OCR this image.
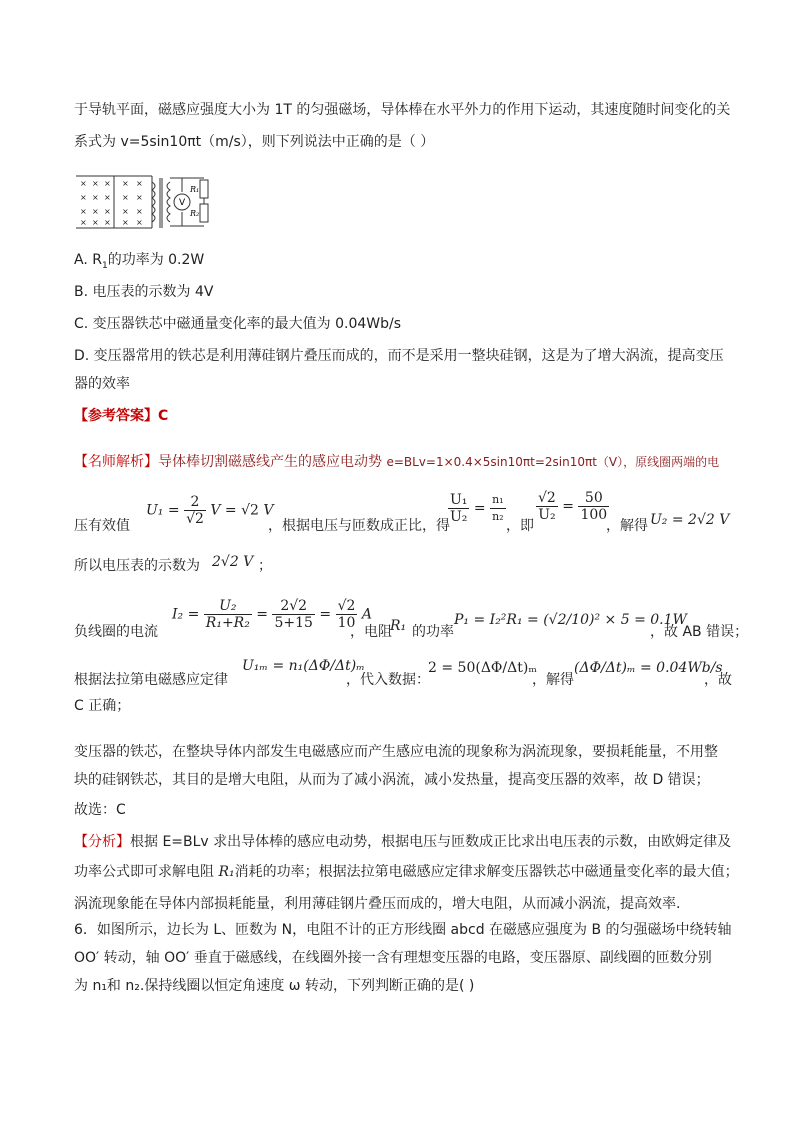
于导轨平面，磁感应强度大小为 1T 的匀强磁场，导体棒在水平外力的作用下运动，其速度随时间变化的关
系式为 v=5sin10πt（m/s），则下列说法中正确的是（ ）
× × × × ×
× × × × ×
× × × × ×
× × × × ×
V
R₁
R₂
A. $R_1$的功率为 0.2W
B. 电压表的示数为 4V
C. 变压器铁芯中磁通量变化率的最大值为 0.04Wb/s
D. 变压器常用的铁芯是利用薄硅钢片叠压而成的，而不是采用一整块硅钢，这是为了增大涡流，提高变压
器的效率
【参考答案】C
【名师解析】导体棒切割磁感线产生的感应电动势 e=BLv=1×0.4×5sin10πt=2sin10πt（V），原线圈两端的电
$U_1 = \frac{2}{√2}$ V = √2 V
压有效值	，根据电压与匝数成正比，得
$\frac{\text{U₁}}{\text{U₂}} = \frac{\text{n₁}}{\text{n₂}}$
，即
$\frac{√2}{\text{U₂}} = \frac{50}{100}$
，解得 U₂ = 2√2 V
所以电压表的示数为 2√2 V ；
负线圈的电流
$I_2 = \frac{\text{U₂}}{\text{R₁+R₂}} = \frac{2√2}{5+15} = \frac{√2}{10}$ A
，电阻
R₁ 的功率
P₁ = I₂²R₁ = (√2/10)² × 5 = 0.1W
，故 AB 错误；
根据法拉第电磁感应定律
U₁ₘ = n₁(ΔΦ/Δt)ₘ
，代入数据：
2 = 50(ΔΦ/Δt)ₘ
，解得
(ΔΦ/Δt)ₘ = 0.04Wb/s
，故
C 正确；
变压器的铁芯，在整块导体内部发生电磁感应而产生感应电流的现象称为涡流现象，要损耗能量，不用整
块的硅钢铁芯，其目的是增大电阻，从而为了减小涡流，减小发热量，提高变压器的效率，故 D 错误；
故选：C
【分析】根据 E=BLv 求出导体棒的感应电动势，根据电压与匝数成正比求出电压表的示数，由欧姆定律及
功率公式即可求解电阻 R₁消耗的功率；根据法拉第电磁感应定律求解变压器铁芯中磁通量变化率的最大值；
涡流现象能在导体内部损耗能量，利用薄硅钢片叠压而成的，增大电阻，从而减小涡流，提高效率.
6．如图所示，边长为 L、匝数为 N，电阻不计的正方形线圈 abcd 在磁感应强度为 B 的匀强磁场中绕转轴
OO′ 转动，轴 OO′ 垂直于磁感线，在线圈外接一含有理想变压器的电路，变压器原、副线圈的匝数分别
为 n₁和 n₂.保持线圈以恒定角速度 ω 转动，下列判断正确的是( )
